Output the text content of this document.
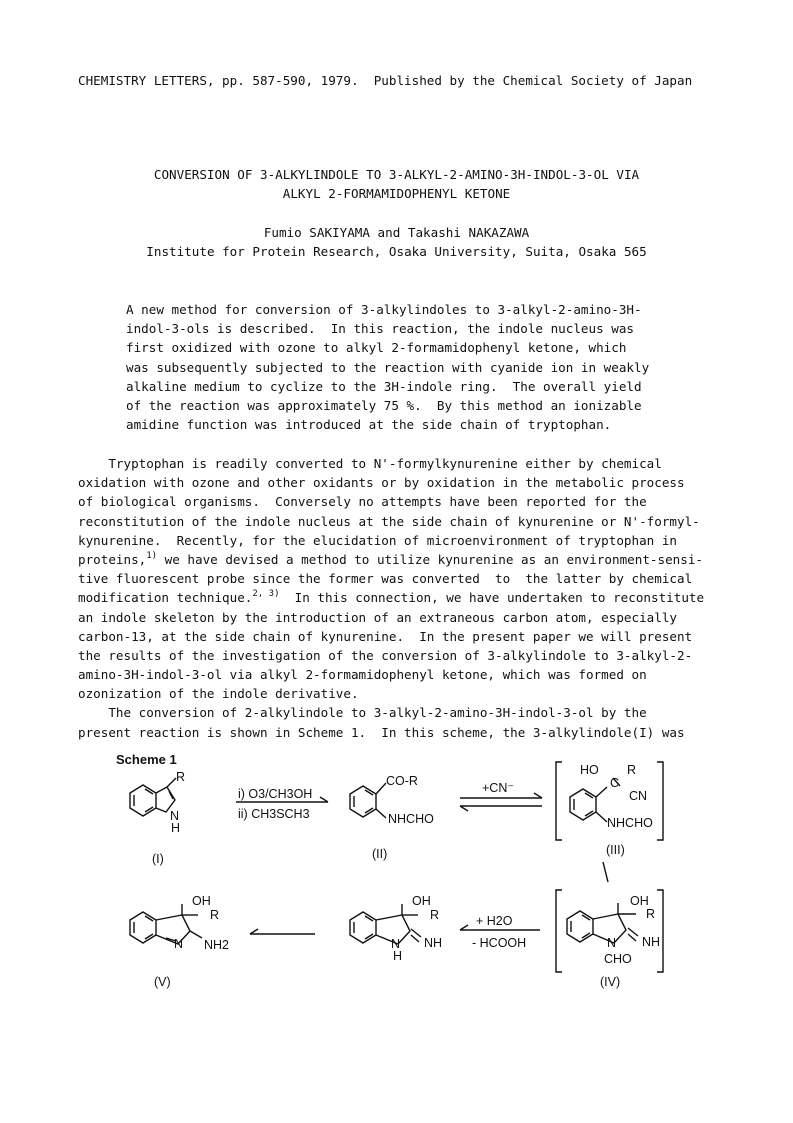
CHEMISTRY LETTERS, pp. 587-590, 1979.  Published by the Chemical Society of Japan
CONVERSION OF 3-ALKYLINDOLE TO 3-ALKYL-2-AMINO-3H-INDOL-3-OL VIA
ALKYL 2-FORMAMIDOPHENYL KETONE
Fumio SAKIYAMA and Takashi NAKAZAWA
Institute for Protein Research, Osaka University, Suita, Osaka 565
A new method for conversion of 3-alkylindoles to 3-alkyl-2-amino-3H-
indol-3-ols is described.  In this reaction, the indole nucleus was
first oxidized with ozone to alkyl 2-formamidophenyl ketone, which
was subsequently subjected to the reaction with cyanide ion in weakly
alkaline medium to cyclize to the 3H-indole ring.  The overall yield
of the reaction was approximately 75 %.  By this method an ionizable
amidine function was introduced at the side chain of tryptophan.
Tryptophan is readily converted to N'-formylkynurenine either by chemical
oxidation with ozone and other oxidants or by oxidation in the metabolic process
of biological organisms.  Conversely no attempts have been reported for the
reconstitution of the indole nucleus at the side chain of kynurenine or N'-formyl-
kynurenine.  Recently, for the elucidation of microenvironment of tryptophan in
proteins,$^{1)}$ we have devised a method to utilize kynurenine as an environment-sensi-
tive fluorescent probe since the former was converted  to  the latter by chemical
modification technique.$^{2, 3)}$  In this connection, we have undertaken to reconstitute
an indole skeleton by the introduction of an extraneous carbon atom, especially
carbon-13, at the side chain of kynurenine.  In the present paper we will present
the results of the investigation of the conversion of 3-alkylindole to 3-alkyl-2-
amino-3H-indol-3-ol via alkyl 2-formamidophenyl ketone, which was formed on
ozonization of the indole derivative.
The conversion of 2-alkylindole to 3-alkyl-2-amino-3H-indol-3-ol by the
present reaction is shown in Scheme 1.  In this scheme, the 3-alkylindole(I) was
Scheme 1
R
N
H
(I)
i) O3/CH3OH
ii) CH3SCH3
CO-R
NHCHO
(II)
+CN⁻
HO R
C
CN
NHCHO
(III)
OH
R
N NH
CHO
(IV)
+ H2O
- HCOOH
OH
R
N
H
NH
OH
R
N NH2
(V)
